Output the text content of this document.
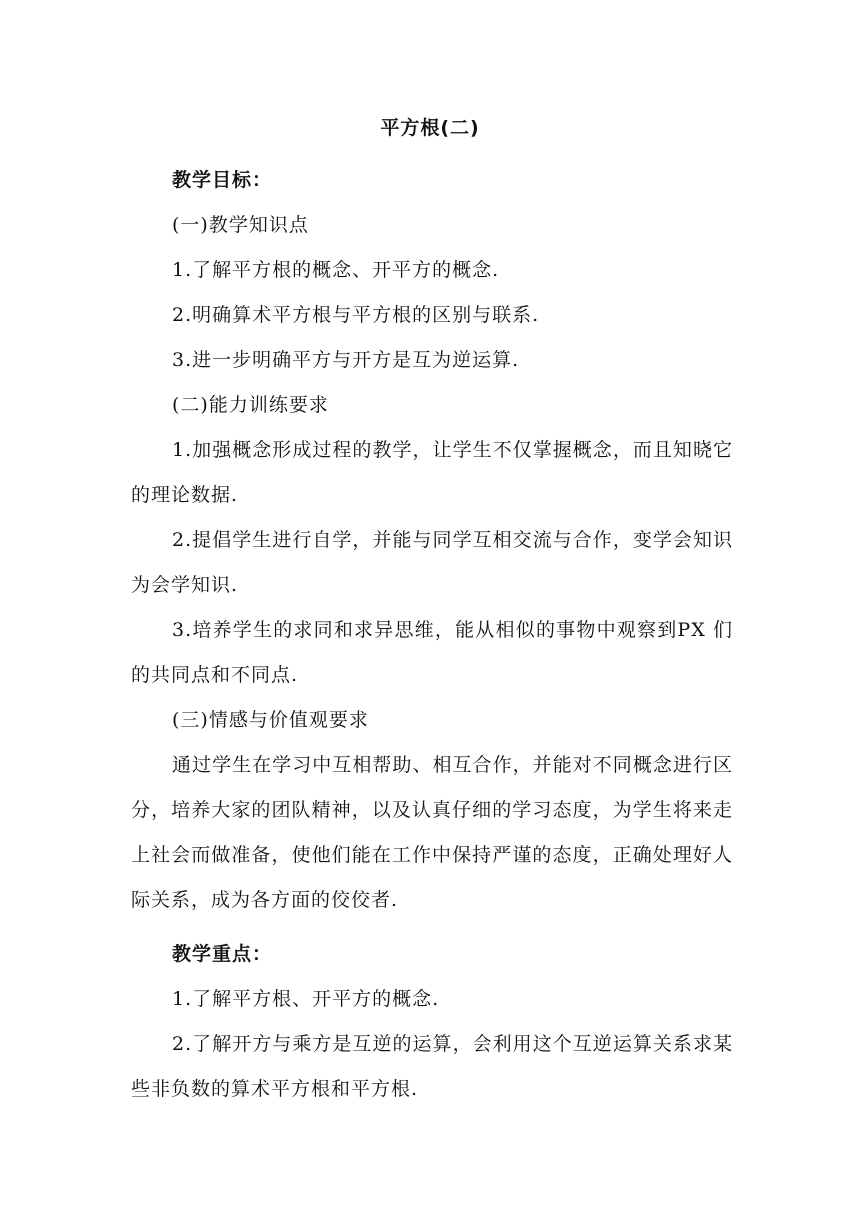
平方根(二)

教学目标：

(一)教学知识点

1.了解平方根的概念、开平方的概念.

2.明确算术平方根与平方根的区别与联系.

3.进一步明确平方与开方是互为逆运算.

(二)能力训练要求

1.加强概念形成过程的教学，让学生不仅掌握概念，而且知晓它的理论数据.

2.提倡学生进行自学，并能与同学互相交流与合作，变学会知识为会学知识.

3.培养学生的求同和求异思维，能从相似的事物中观察到PX 们的共同点和不同点.

(三)情感与价值观要求

通过学生在学习中互相帮助、相互合作，并能对不同概念进行区分，培养大家的团队精神，以及认真仔细的学习态度，为学生将来走上社会而做准备，使他们能在工作中保持严谨的态度，正确处理好人际关系，成为各方面的佼佼者.

教学重点：

1.了解平方根、开平方的概念.

2.了解开方与乘方是互逆的运算，会利用这个互逆运算关系求某些非负数的算术平方根和平方根.
